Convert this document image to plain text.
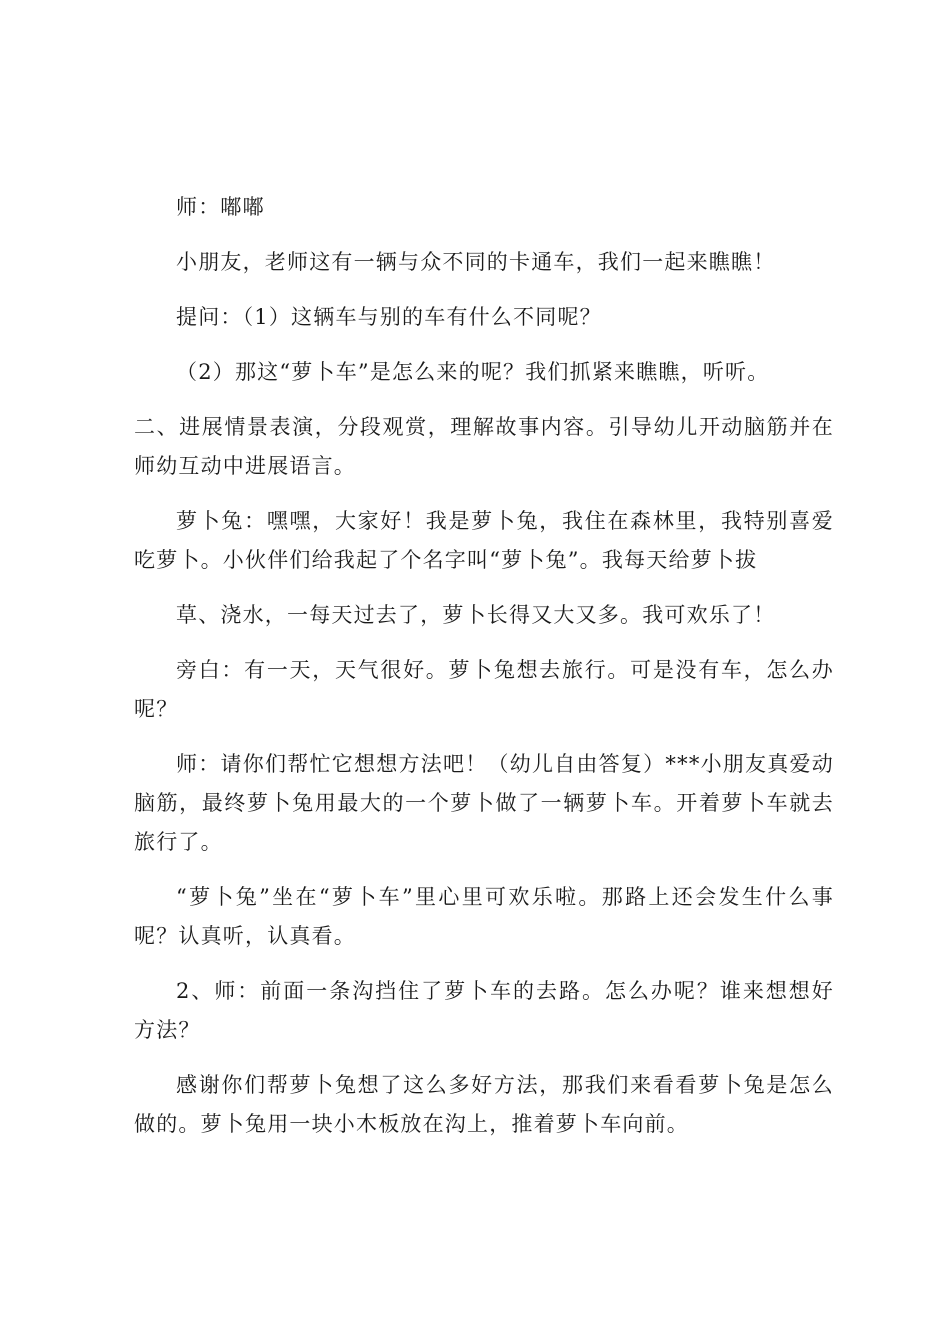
师：嘟嘟

小朋友，老师这有一辆与众不同的卡通车，我们一起来瞧瞧！

提问：（1）这辆车与别的车有什么不同呢？

（2）那这“萝卜车”是怎么来的呢？我们抓紧来瞧瞧，听听。

二、进展情景表演，分段观赏，理解故事内容。引导幼儿开动脑筋并在师幼互动中进展语言。

萝卜兔：嘿嘿，大家好！我是萝卜兔，我住在森林里，我特别喜爱吃萝卜。小伙伴们给我起了个名字叫“萝卜兔”。我每天给萝卜拔

草、浇水，一每天过去了，萝卜长得又大又多。我可欢乐了！

旁白：有一天，天气很好。萝卜兔想去旅行。可是没有车，怎么办呢？

师：请你们帮忙它想想方法吧！（幼儿自由答复）***小朋友真爱动脑筋，最终萝卜兔用最大的一个萝卜做了一辆萝卜车。开着萝卜车就去旅行了。

“萝卜兔”坐在“萝卜车”里心里可欢乐啦。那路上还会发生什么事呢？认真听，认真看。

2、师：前面一条沟挡住了萝卜车的去路。怎么办呢？谁来想想好方法？

感谢你们帮萝卜兔想了这么多好方法，那我们来看看萝卜兔是怎么做的。萝卜兔用一块小木板放在沟上，推着萝卜车向前。
